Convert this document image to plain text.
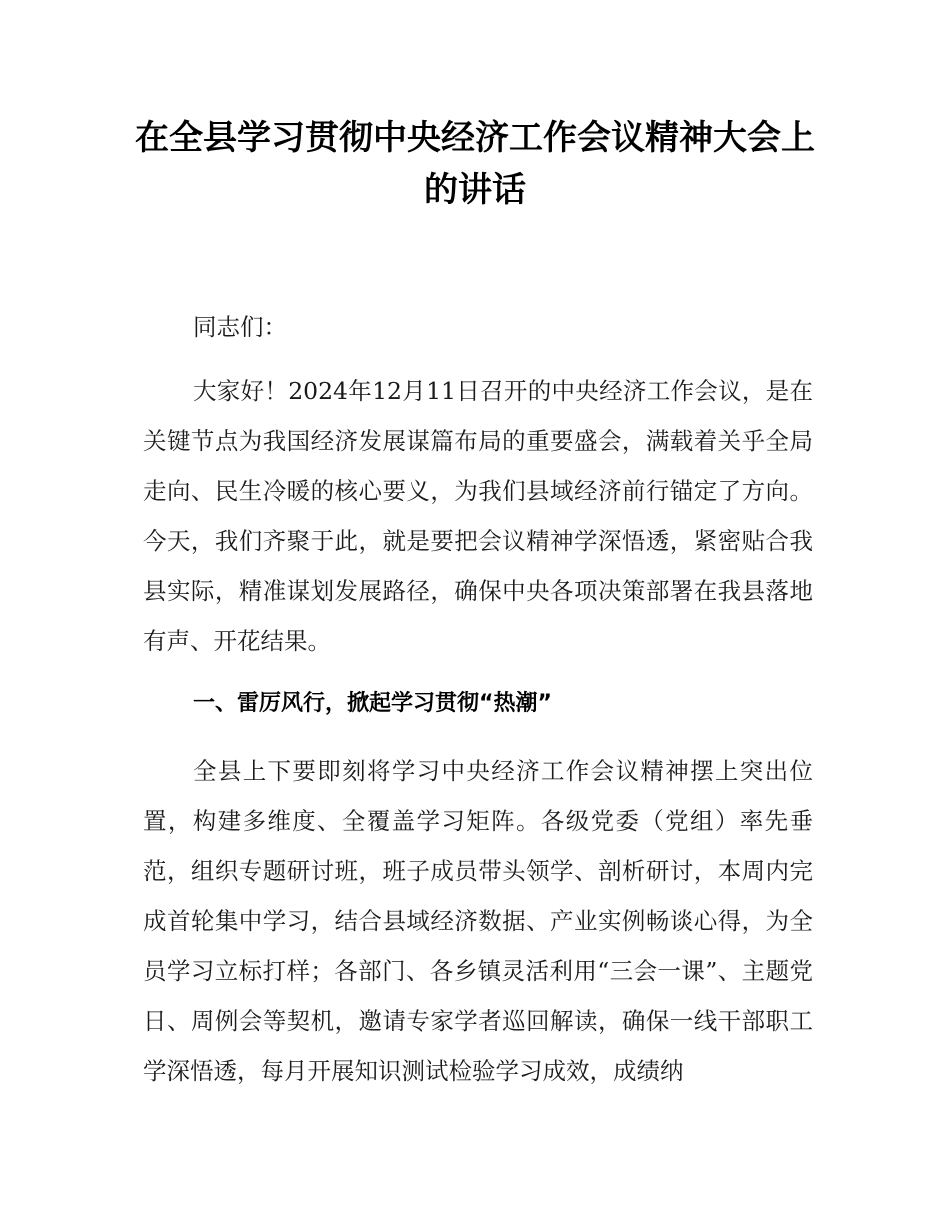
在全县学习贯彻中央经济工作会议精神大会上的讲话

同志们：

大家好！2024年12月11日召开的中央经济工作会议，是在关键节点为我国经济发展谋篇布局的重要盛会，满载着关乎全局走向、民生冷暖的核心要义，为我们县域经济前行锚定了方向。今天，我们齐聚于此，就是要把会议精神学深悟透，紧密贴合我县实际，精准谋划发展路径，确保中央各项决策部署在我县落地有声、开花结果。

一、雷厉风行，掀起学习贯彻“热潮”

全县上下要即刻将学习中央经济工作会议精神摆上突出位置，构建多维度、全覆盖学习矩阵。各级党委（党组）率先垂范，组织专题研讨班，班子成员带头领学、剖析研讨，本周内完成首轮集中学习，结合县域经济数据、产业实例畅谈心得，为全员学习立标打样；各部门、各乡镇灵活利用“三会一课”、主题党日、周例会等契机，邀请专家学者巡回解读，确保一线干部职工学深悟透，每月开展知识测试检验学习成效，成绩纳
